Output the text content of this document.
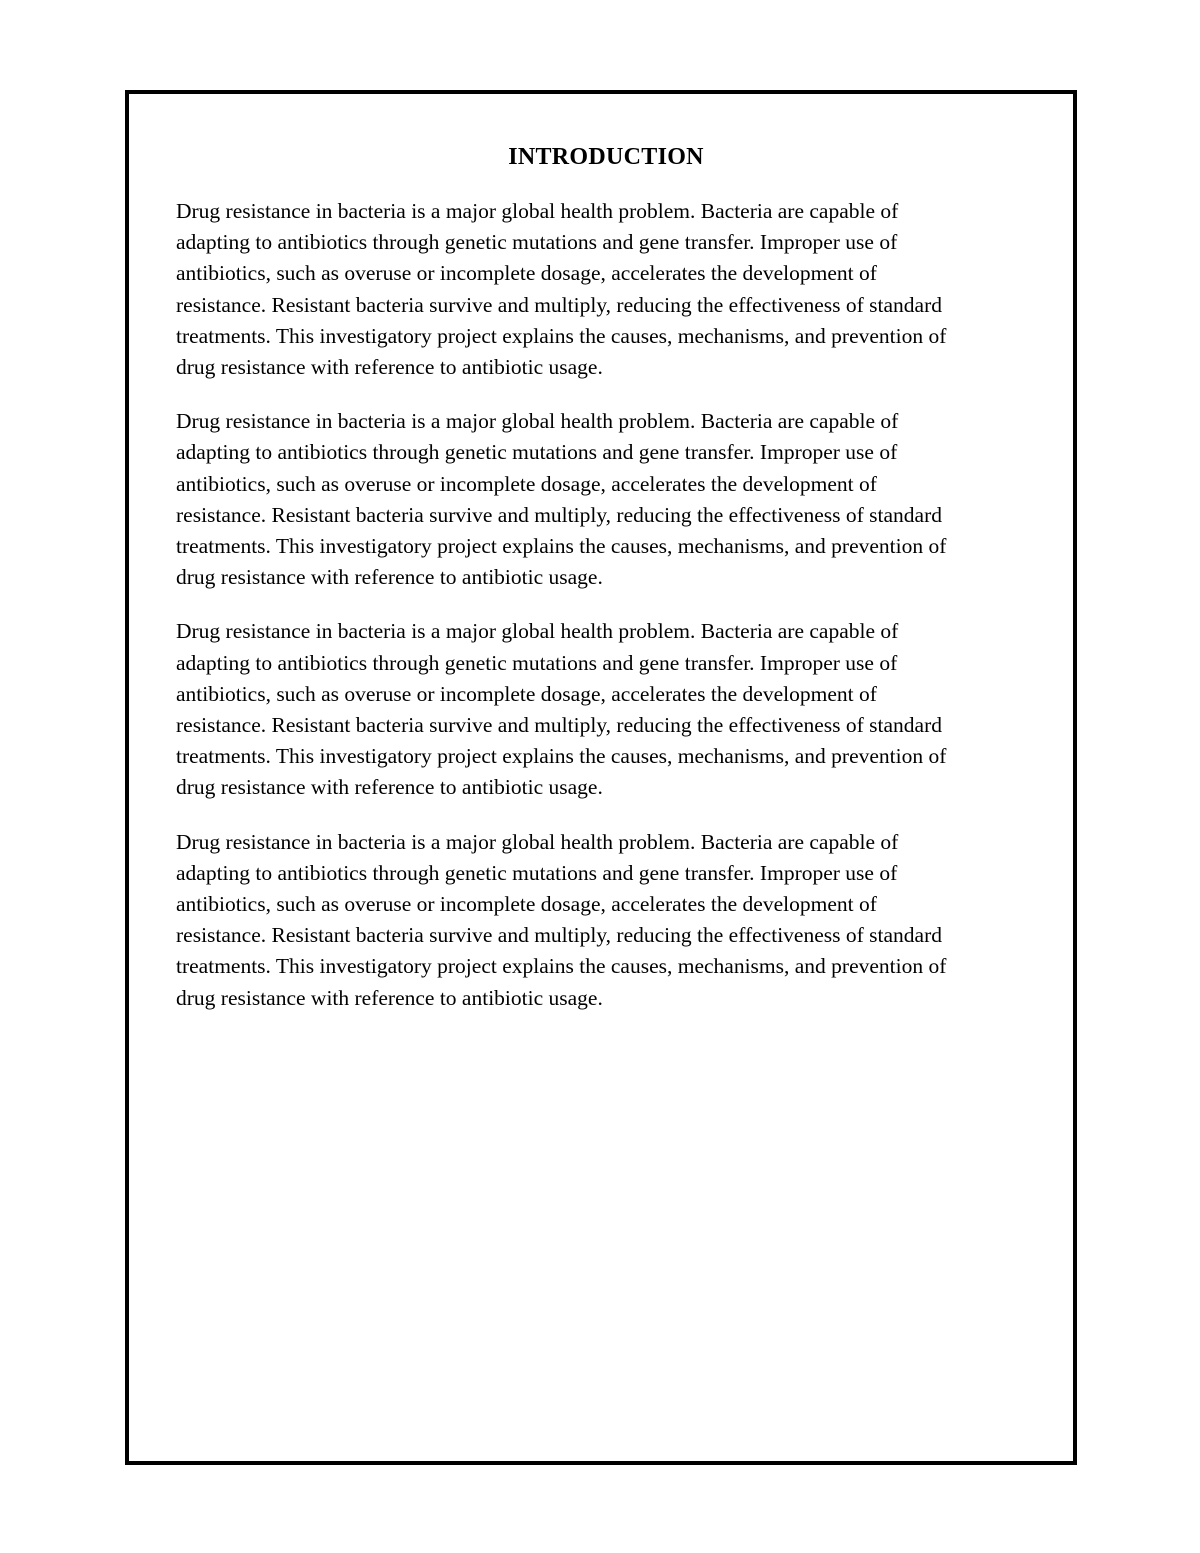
INTRODUCTION

Drug resistance in bacteria is a major global health problem. Bacteria are capable of
adapting to antibiotics through genetic mutations and gene transfer. Improper use of
antibiotics, such as overuse or incomplete dosage, accelerates the development of
resistance. Resistant bacteria survive and multiply, reducing the effectiveness of standard
treatments. This investigatory project explains the causes, mechanisms, and prevention of
drug resistance with reference to antibiotic usage.

Drug resistance in bacteria is a major global health problem. Bacteria are capable of
adapting to antibiotics through genetic mutations and gene transfer. Improper use of
antibiotics, such as overuse or incomplete dosage, accelerates the development of
resistance. Resistant bacteria survive and multiply, reducing the effectiveness of standard
treatments. This investigatory project explains the causes, mechanisms, and prevention of
drug resistance with reference to antibiotic usage.

Drug resistance in bacteria is a major global health problem. Bacteria are capable of
adapting to antibiotics through genetic mutations and gene transfer. Improper use of
antibiotics, such as overuse or incomplete dosage, accelerates the development of
resistance. Resistant bacteria survive and multiply, reducing the effectiveness of standard
treatments. This investigatory project explains the causes, mechanisms, and prevention of
drug resistance with reference to antibiotic usage.

Drug resistance in bacteria is a major global health problem. Bacteria are capable of
adapting to antibiotics through genetic mutations and gene transfer. Improper use of
antibiotics, such as overuse or incomplete dosage, accelerates the development of
resistance. Resistant bacteria survive and multiply, reducing the effectiveness of standard
treatments. This investigatory project explains the causes, mechanisms, and prevention of
drug resistance with reference to antibiotic usage.
